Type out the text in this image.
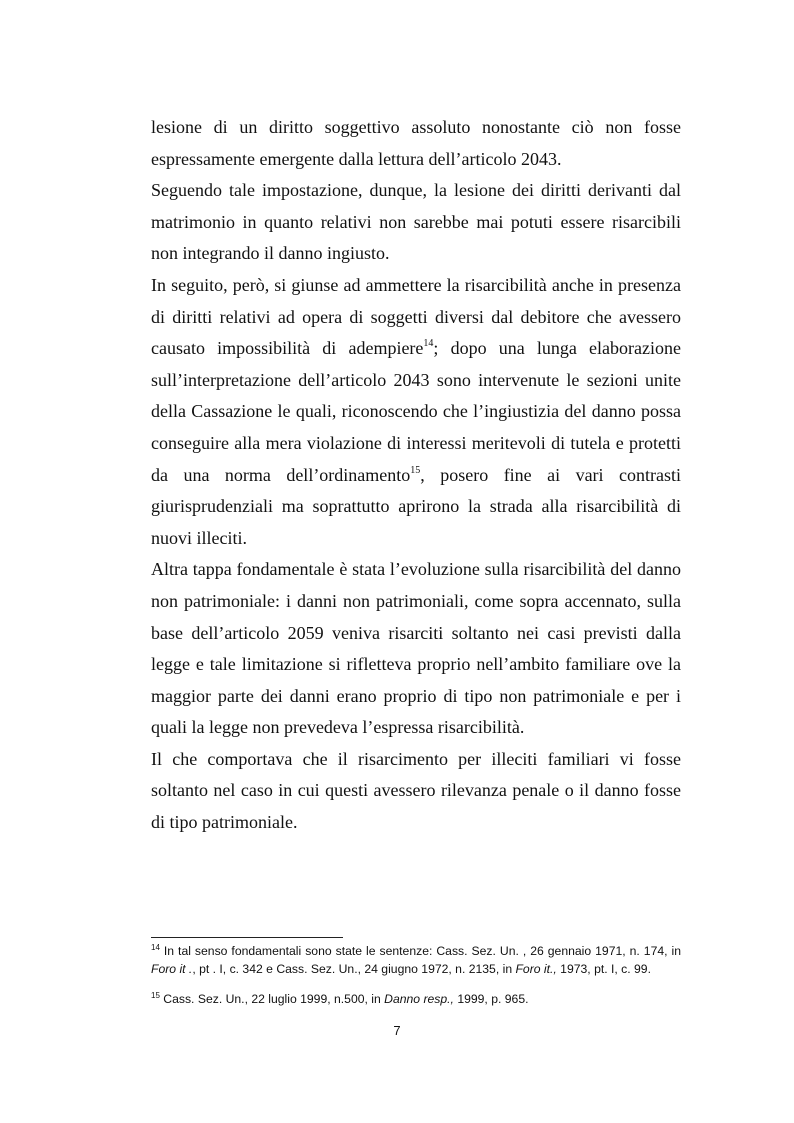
lesione di un diritto soggettivo assoluto nonostante ciò non fosse espressamente emergente dalla lettura dell’articolo 2043.

Seguendo tale impostazione, dunque, la lesione dei diritti derivanti dal matrimonio in quanto relativi non sarebbe mai potuti essere risarcibili non integrando il danno ingiusto.

In seguito, però, si giunse ad ammettere la risarcibilità anche in presenza di diritti relativi ad opera di soggetti diversi dal debitore che avessero causato impossibilità di adempiere$^{14}$; dopo una lunga elaborazione sull’interpretazione dell’articolo 2043 sono intervenute le sezioni unite della Cassazione le quali, riconoscendo che l’ingiustizia del danno possa conseguire alla mera violazione di interessi meritevoli di tutela e protetti da una norma dell’ordinamento$^{15}$, posero fine ai vari contrasti giurisprudenziali ma soprattutto aprirono la strada alla risarcibilità di nuovi illeciti.

Altra tappa fondamentale è stata l’evoluzione sulla risarcibilità del danno non patrimoniale: i danni non patrimoniali, come sopra accennato, sulla base dell’articolo 2059 veniva risarciti soltanto nei casi previsti dalla legge e tale limitazione si rifletteva proprio nell’ambito familiare ove la maggior parte dei danni erano proprio di tipo non patrimoniale e per i quali la legge non prevedeva l’espressa risarcibilità.

Il che comportava che il risarcimento per illeciti familiari vi fosse soltanto nel caso in cui questi avessero rilevanza penale o il danno fosse di tipo patrimoniale.

$^{14}$ In tal senso fondamentali sono state le sentenze: Cass. Sez. Un. , 26 gennaio 1971, n. 174, in Foro it ., pt . I, c. 342 e Cass. Sez. Un., 24 giugno 1972, n. 2135, in Foro it., 1973, pt. I, c. 99.

$^{15}$ Cass. Sez. Un., 22 luglio 1999, n.500, in Danno resp., 1999, p. 965.

7
